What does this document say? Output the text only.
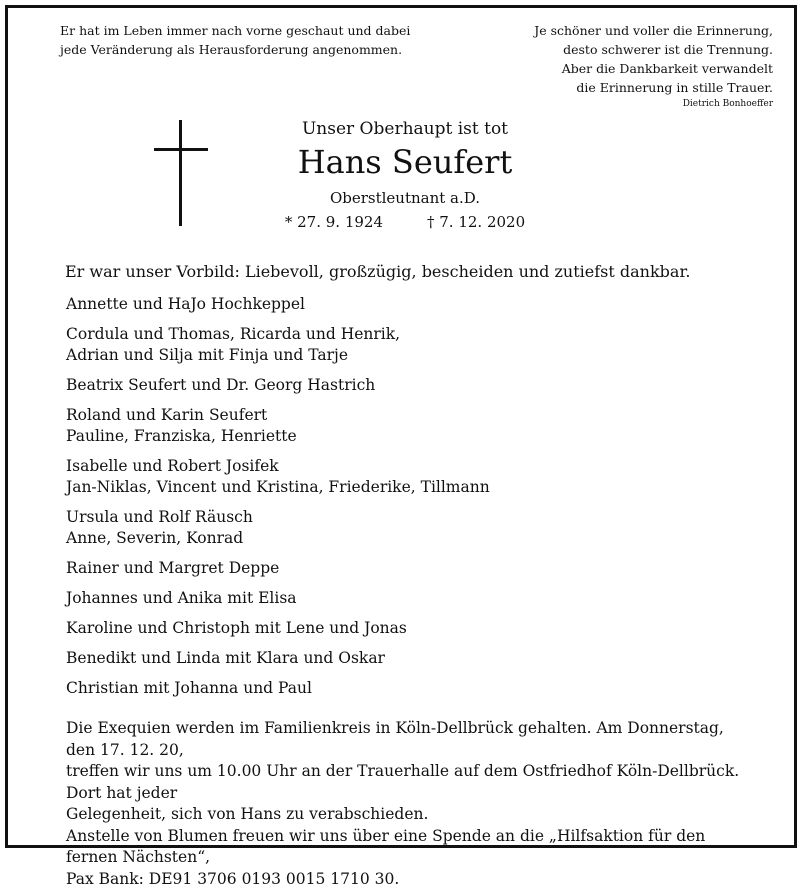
Er hat im Leben immer nach vorne geschaut und dabei
jede Veränderung als Herausforderung angenommen.
Je schöner und voller die Erinnerung,
desto schwerer ist die Trennung.
Aber die Dankbarkeit verwandelt
die Erinnerung in stille Trauer.
Dietrich Bonhoeffer
Unser Oberhaupt ist tot
Hans Seufert
Oberstleutnant a.D.
* 27. 9. 1924	† 7. 12. 2020
Er war unser Vorbild: Liebevoll, großzügig, bescheiden und zutiefst dankbar.
Annette und HaJo Hochkeppel
Cordula und Thomas, Ricarda und Henrik,
Adrian und Silja mit Finja und Tarje
Beatrix Seufert und Dr. Georg Hastrich
Roland und Karin Seufert
Pauline, Franziska, Henriette
Isabelle und Robert Josifek
Jan-Niklas, Vincent und Kristina, Friederike, Tillmann
Ursula und Rolf Räusch
Anne, Severin, Konrad
Rainer und Margret Deppe
Johannes und Anika mit Elisa
Karoline und Christoph mit Lene und Jonas
Benedikt und Linda mit Klara und Oskar
Christian mit Johanna und Paul

Die Exequien werden im Familienkreis in Köln-Dellbrück gehalten. Am Donnerstag, den 17. 12. 20,

treffen wir uns um 10.00 Uhr an der Trauerhalle auf dem Ostfriedhof Köln-Dellbrück. Dort hat jeder

Gelegenheit, sich von Hans zu verabschieden.

Anstelle von Blumen freuen wir uns über eine Spende an die „Hilfsaktion für den fernen Nächsten“,

Pax Bank: DE91 3706 0193 0015 1710 30.
